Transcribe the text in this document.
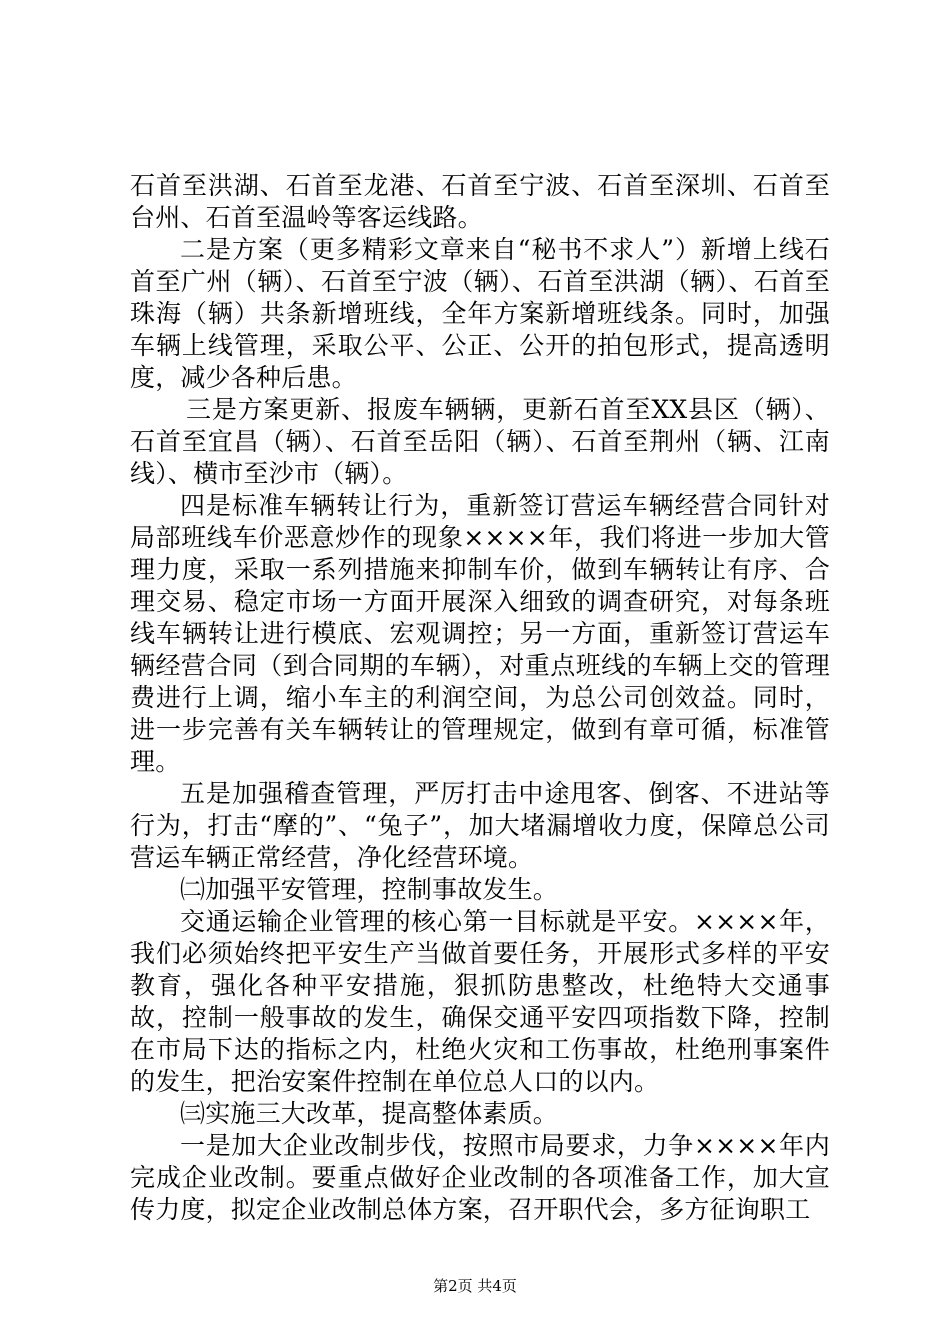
石首至洪湖、石首至龙港、石首至宁波、石首至深圳、石首至台州、石首至温岭等客运线路。

二是方案（更多精彩文章来自“秘书不求人”）新增上线石首至广州（辆）、石首至宁波（辆）、石首至洪湖（辆）、石首至珠海（辆）共条新增班线，全年方案新增班线条。同时，加强车辆上线管理，采取公平、公正、公开的拍包形式，提高透明度，减少各种后患。

三是方案更新、报废车辆辆，更新石首至XX县区（辆）、石首至宜昌（辆）、石首至岳阳（辆）、石首至荆州（辆、江南线）、横市至沙市（辆）。

四是标准车辆转让行为，重新签订营运车辆经营合同针对局部班线车价恶意炒作的现象××××年，我们将进一步加大管理力度，采取一系列措施来抑制车价，做到车辆转让有序、合理交易、稳定市场一方面开展深入细致的调查研究，对每条班线车辆转让进行模底、宏观调控；另一方面，重新签订营运车辆经营合同（到合同期的车辆），对重点班线的车辆上交的管理费进行上调，缩小车主的利润空间，为总公司创效益。同时，进一步完善有关车辆转让的管理规定，做到有章可循，标准管理。

五是加强稽查管理，严厉打击中途甩客、倒客、不进站等行为，打击“摩的”、“兔子”，加大堵漏增收力度，保障总公司营运车辆正常经营，净化经营环境。

㈡加强平安管理，控制事故发生。

交通运输企业管理的核心第一目标就是平安。××××年，我们必须始终把平安生产当做首要任务，开展形式多样的平安教育，强化各种平安措施，狠抓防患整改，杜绝特大交通事故，控制一般事故的发生，确保交通平安四项指数下降，控制在市局下达的指标之内，杜绝火灾和工伤事故，杜绝刑事案件的发生，把治安案件控制在单位总人口的以内。

㈢实施三大改革，提高整体素质。

一是加大企业改制步伐，按照市局要求，力争××××年内完成企业改制。要重点做好企业改制的各项准备工作，加大宣传力度，拟定企业改制总体方案，召开职代会，多方征询职工

第2页 共4页
